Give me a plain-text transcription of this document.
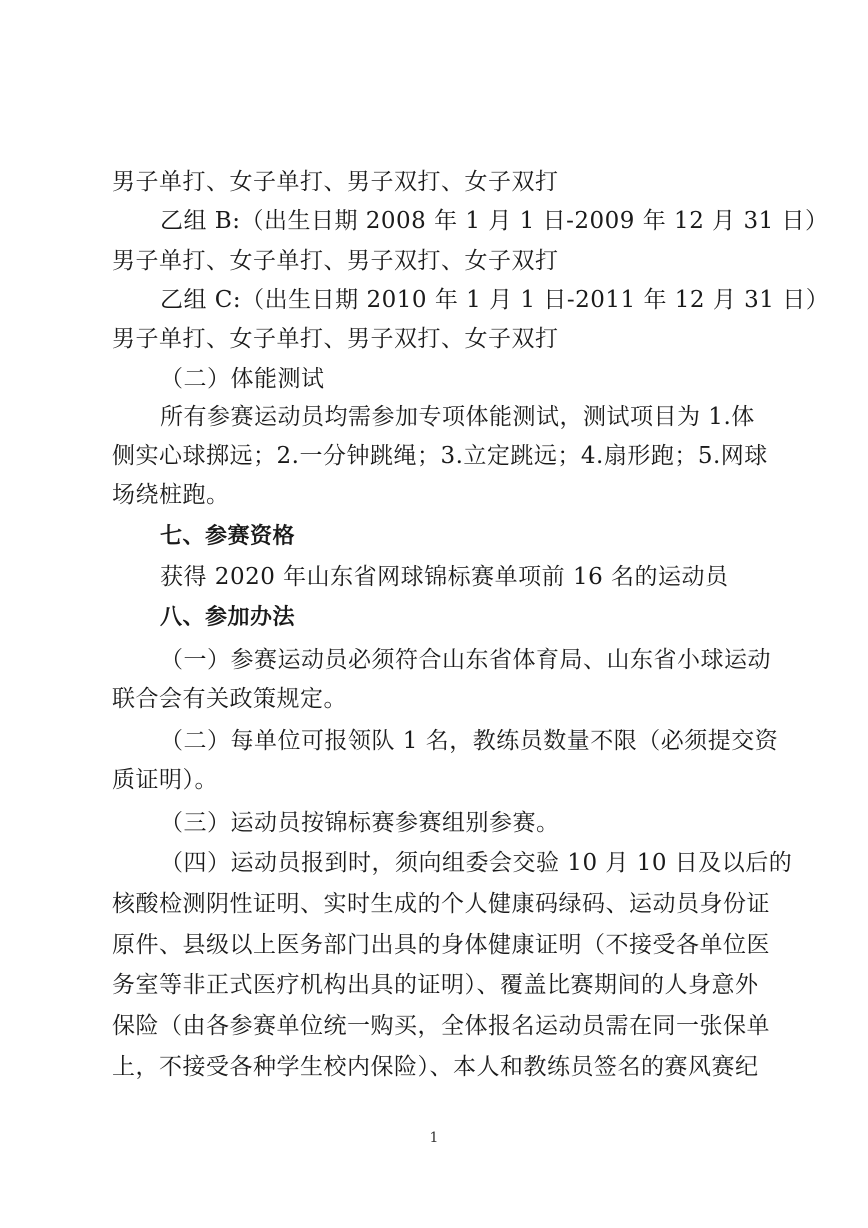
男子单打、女子单打、男子双打、女子双打
乙组 B:（出生日期 2008 年 1 月 1 日-2009 年 12 月 31 日）
男子单打、女子单打、男子双打、女子双打
乙组 C:（出生日期 2010 年 1 月 1 日-2011 年 12 月 31 日）
男子单打、女子单打、男子双打、女子双打
（二）体能测试
所有参赛运动员均需参加专项体能测试，测试项目为 1.体
侧实心球掷远；2.一分钟跳绳；3.立定跳远；4.扇形跑；5.网球
场绕桩跑。
七、参赛资格
获得 2020 年山东省网球锦标赛单项前 16 名的运动员
八、参加办法
（一）参赛运动员必须符合山东省体育局、山东省小球运动
联合会有关政策规定。
（二）每单位可报领队 1 名，教练员数量不限（必须提交资
质证明）。
（三）运动员按锦标赛参赛组别参赛。
（四）运动员报到时，须向组委会交验 10 月 10 日及以后的
核酸检测阴性证明、实时生成的个人健康码绿码、运动员身份证
原件、县级以上医务部门出具的身体健康证明（不接受各单位医
务室等非正式医疗机构出具的证明）、覆盖比赛期间的人身意外
保险（由各参赛单位统一购买，全体报名运动员需在同一张保单
上，不接受各种学生校内保险）、本人和教练员签名的赛风赛纪
1
